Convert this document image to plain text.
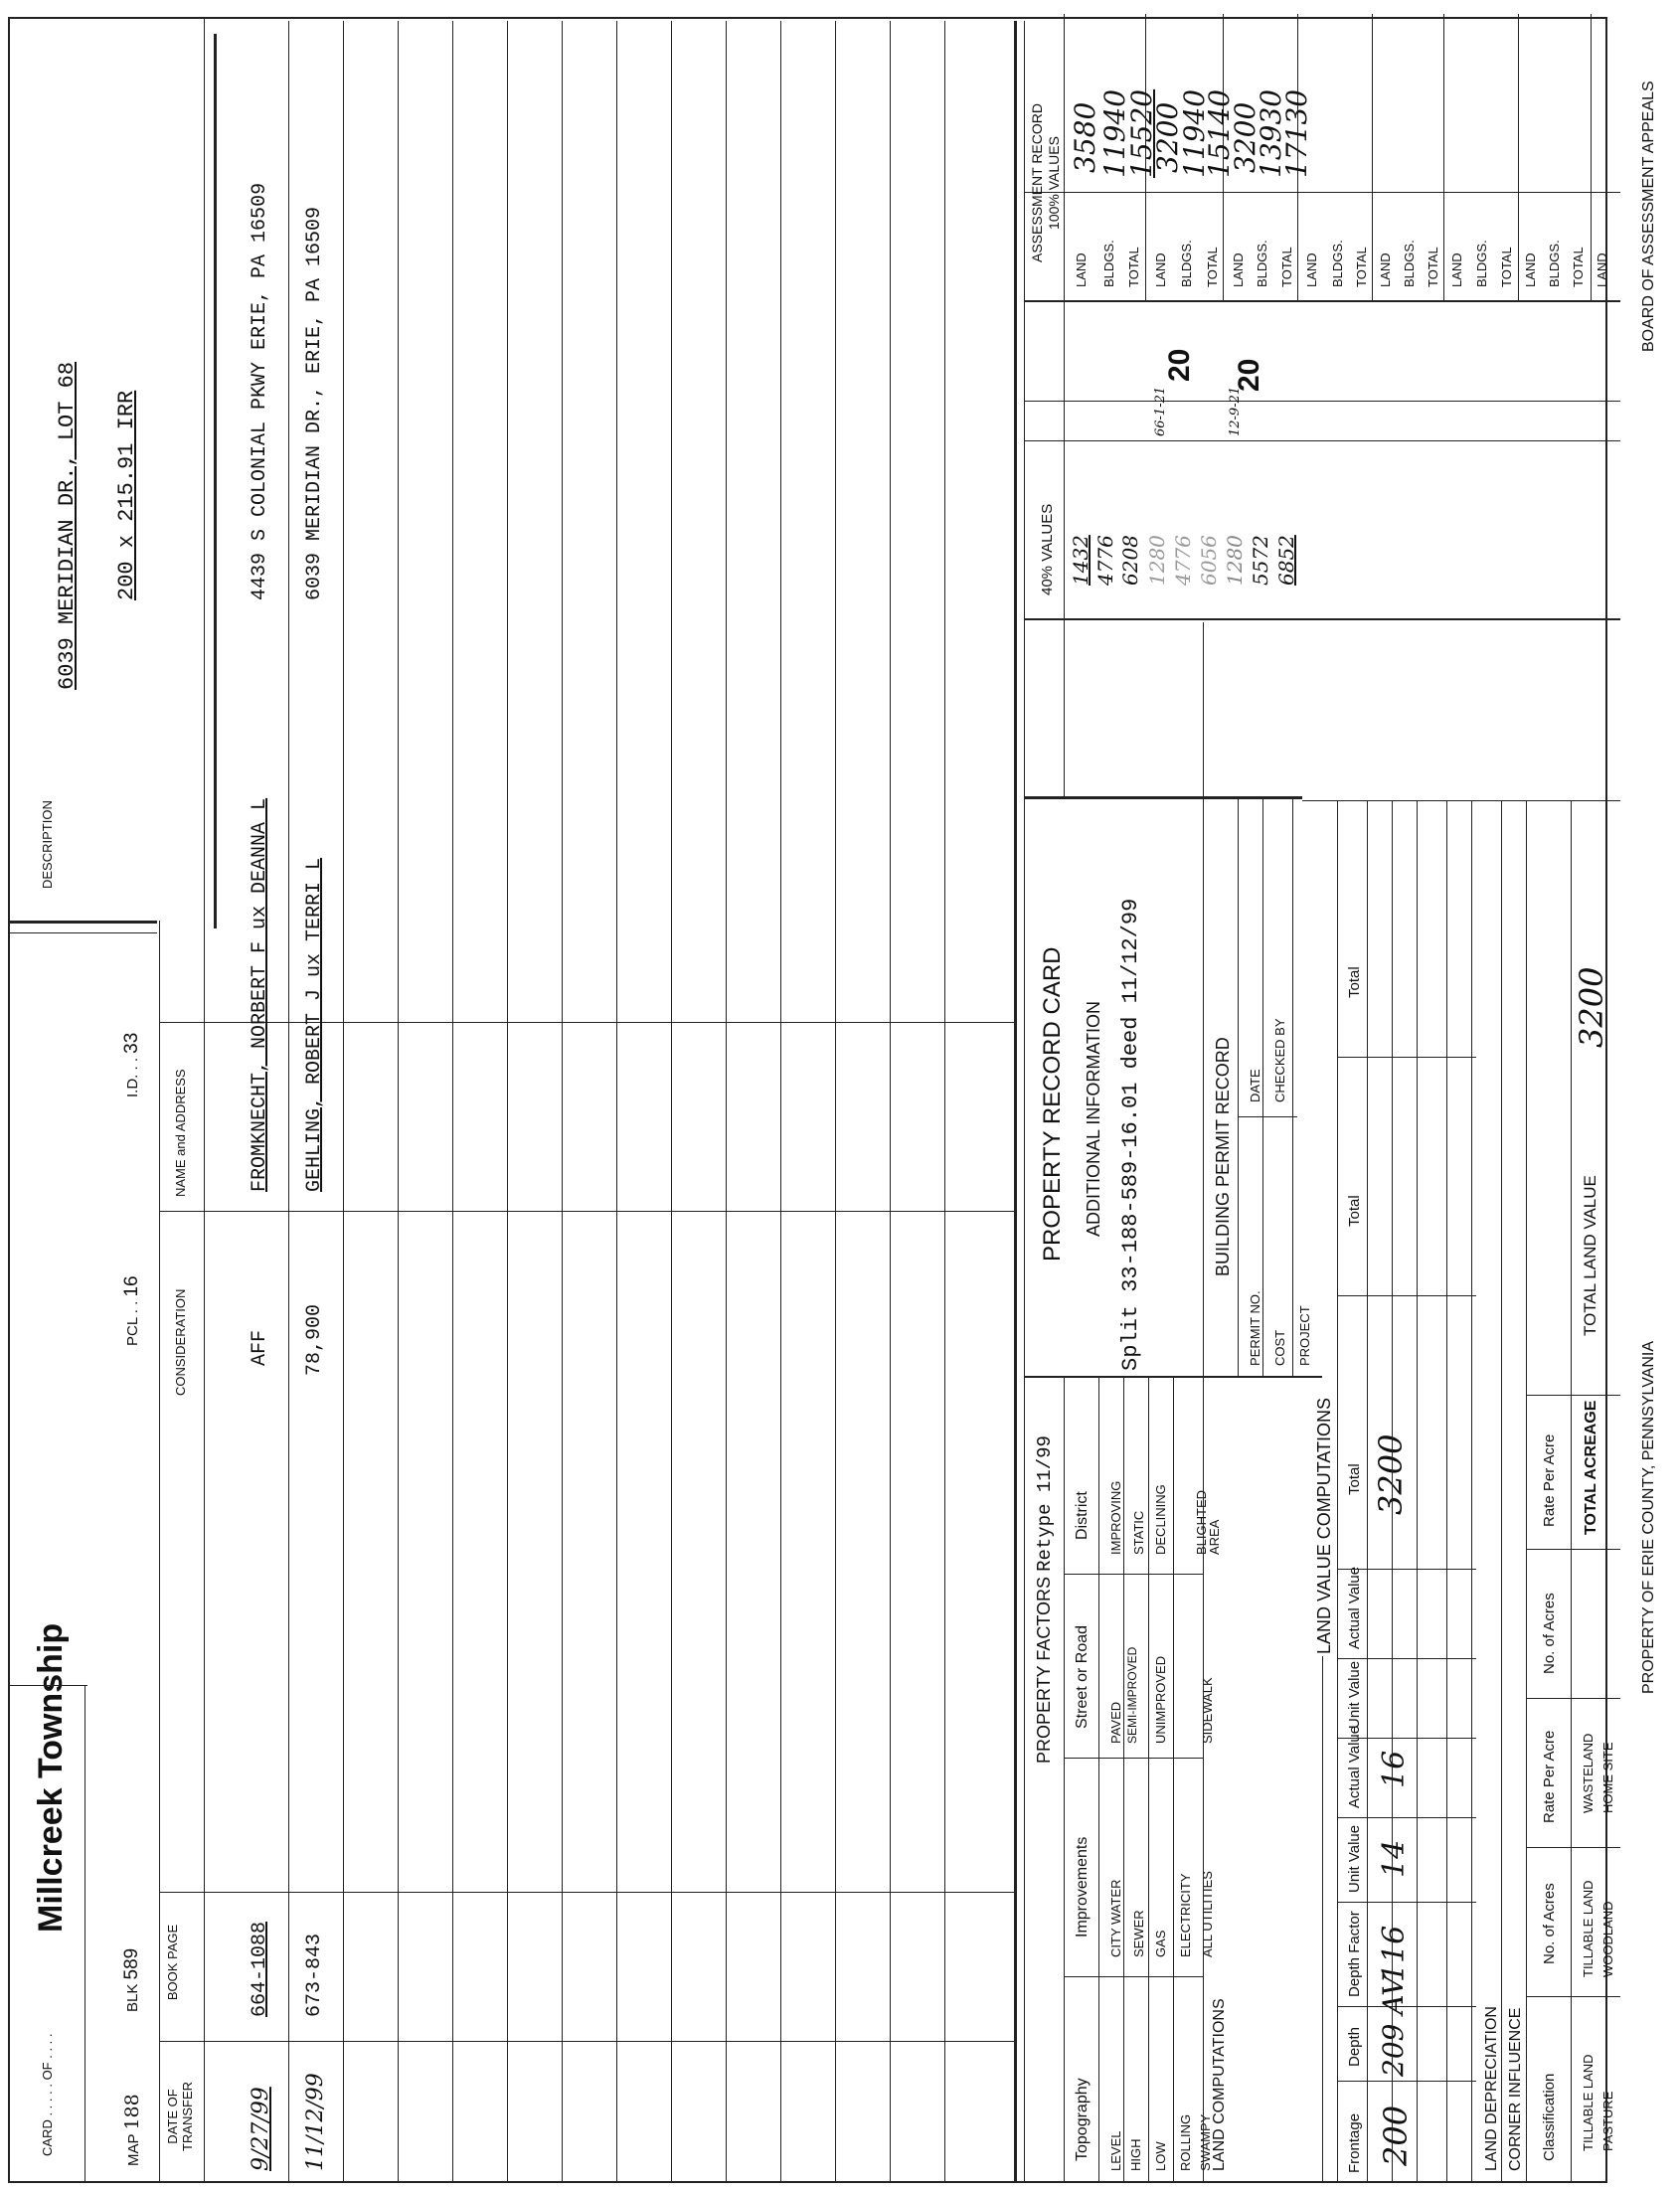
CARD . . . . . OF . . . .
Millcreek Township
DESCRIPTION
6039 MERIDIAN DR., LOT 68 200 x 215.91 IRR
MAP 188
BLK 589
PCL . . 16
I.D. . . 33
DATE OF TRANSFER
BOOK PAGE
CONSIDERATION
NAME and ADDRESS
9/27/99
664-1088
AFF
FROMKNECHT, NORBERT F ux DEANNA L
4439 S COLONIAL PKWY ERIE, PA 16509
11/12/99
673-843
78,900
GEHLING, ROBERT J ux TERRI L
6039 MERIDIAN DR., ERIE, PA 16509
PROPERTY FACTORS Retype 11/99
Topography
Improvements
Street or Road
District
LEVEL HIGH LOW ROLLING SWAMPY
CITY WATER SEWER GAS ELECTRICITY ALL UTILITIES
PAVED SEMI-IMPROVED UNIMPROVED SIDEWALK
IMPROVING STATIC DECLINING BLIGHTED AREA
PROPERTY RECORD CARD ADDITIONAL INFORMATION Split 33-188-589-16.01 deed 11/12/99	BUILDING PERMIT RECORD
PERMIT NO.
DATE
COST
CHECKED BY
PROJECT
LAND COMPUTATIONS
LAND VALUE COMPUTATIONS
Frontage
Depth
Depth Factor
Unit Value
Actual Value
Unit Value
Actual Value
Total
Total
Total
200
209 AV
116
14
16
3200
LAND DEPRECIATION CORNER INFLUENCE Classification
No. of Acres
Rate Per Acre
No. of Acres
Rate Per Acre
TILLABLE LAND
TILLABLE LAND
PASTURE
WOODLAND
WASTELAND HOME SITE
TOTAL ACREAGE
TOTAL LAND VALUE
3200
40% VALUES
ASSESSMENT RECORD 100% VALUES
LAND BLDGS. TOTAL LAND BLDGS. TOTAL LAND BLDGS. TOTAL LAND BLDGS. TOTAL LAND BLDGS. TOTAL LAND BLDGS. TOTAL LAND BLDGS. TOTAL LAND
1432 4776 6208 1280 4776 6056 1280 5572 6852
66-1-21	12-9-21
20 20
3580
11940
15520
3200
11940
15140
3200
13930
17130
PROPERTY OF ERIE COUNTY, PENNSYLVANIA
BOARD OF ASSESSMENT APPEALS
